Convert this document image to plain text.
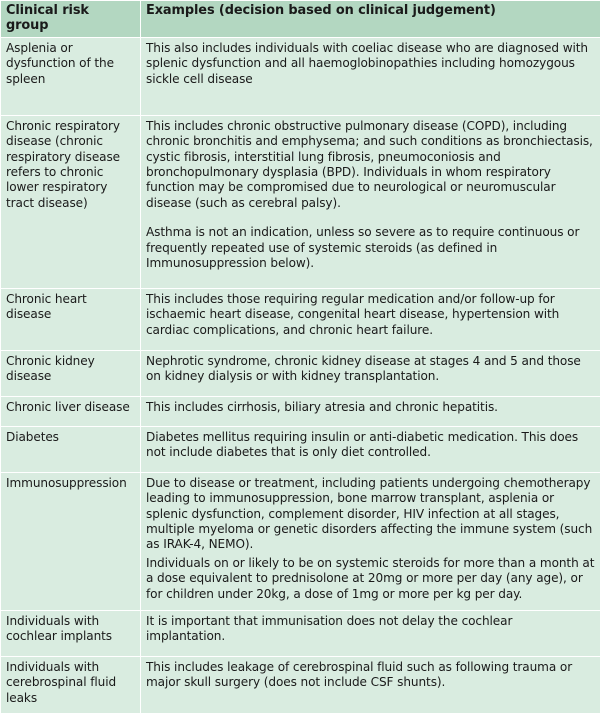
Clinical risk group	Examples (decision based on clinical judgement)
Asplenia or dysfunction of the spleen	This also includes individuals with coeliac disease who are diagnosed with splenic dysfunction and all haemoglobinopathies including homozygous sickle cell disease

Chronic respiratory disease (chronic respiratory disease refers to chronic lower respiratory tract disease)	This includes chronic obstructive pulmonary disease (COPD), including chronic bronchitis and emphysema; and such conditions as bronchiectasis, cystic fibrosis, interstitial lung fibrosis, pneumoconiosis and bronchopulmonary dysplasia (BPD). Individuals in whom respiratory function may be compromised due to neurological or neuromuscular disease (such as cerebral palsy).

Asthma is not an indication, unless so severe as to require continuous or frequently repeated use of systemic steroids (as defined in Immunosuppression below).

Chronic heart disease	This includes those requiring regular medication and/or follow-up for ischaemic heart disease, congenital heart disease, hypertension with cardiac complications, and chronic heart failure.

Chronic kidney disease	Nephrotic syndrome, chronic kidney disease at stages 4 and 5 and those on kidney dialysis or with kidney transplantation.

Chronic liver disease	This includes cirrhosis, biliary atresia and chronic hepatitis.

Diabetes	Diabetes mellitus requiring insulin or anti-diabetic medication. This does not include diabetes that is only diet controlled.

Immunosuppression	Due to disease or treatment, including patients undergoing chemotherapy leading to immunosuppression, bone marrow transplant, asplenia or splenic dysfunction, complement disorder, HIV infection at all stages, multiple myeloma or genetic disorders affecting the immune system (such as IRAK-4, NEMO).

Individuals on or likely to be on systemic steroids for more than a month at a dose equivalent to prednisolone at 20mg or more per day (any age), or for children under 20kg, a dose of 1mg or more per kg per day.

Individuals with cochlear implants	It is important that immunisation does not delay the cochlear implantation.

Individuals with cerebrospinal fluid leaks	This includes leakage of cerebrospinal fluid such as following trauma or major skull surgery (does not include CSF shunts).
